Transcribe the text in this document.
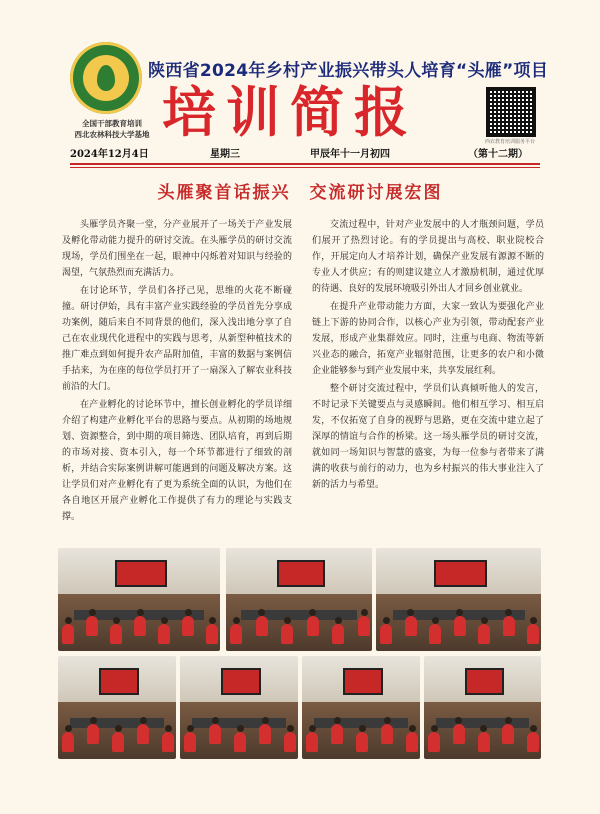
全国干部教育培训
西北农林科技大学基地
陕西省2024年乡村产业振兴带头人培育“头雁”项目
培训简报	西农教育培训服务平台
2024年12月4日	星期三	甲辰年十一月初四	（第十二期）
头雁聚首话振兴　交流研讨展宏图

头雁学员齐聚一堂，分产业展开了一场关于产业发展及孵化带动能力提升的研讨交流。在头雁学员的研讨交流现场，学员们围坐在一起，眼神中闪烁着对知识与经验的渴望，气氛热烈而充满活力。

在讨论环节，学员们各抒己见，思维的火花不断碰撞。研讨伊始，具有丰富产业实践经验的学员首先分享成功案例，随后来自不同背景的他们，深入浅出地分享了自己在农业现代化进程中的实践与思考，从新型种植技术的推广难点到如何提升农产品附加值，丰富的数据与案例信手拈来，为在座的每位学员打开了一扇深入了解农业科技前沿的大门。

在产业孵化的讨论环节中，擅长创业孵化的学员详细介绍了构建产业孵化平台的思路与要点。从初期的场地规划、资源整合，到中期的项目筛选、团队培育，再到后期的市场对接、资本引入，每一个环节都进行了细致的剖析，并结合实际案例讲解可能遇到的问题及解决方案。这让学员们对产业孵化有了更为系统全面的认识，为他们在各自地区开展产业孵化工作提供了有力的理论与实践支撑。

交流过程中，针对产业发展中的人才瓶颈问题，学员们展开了热烈讨论。有的学员提出与高校、职业院校合作，开展定向人才培养计划，确保产业发展有源源不断的专业人才供应；有的则建议建立人才激励机制，通过优厚的待遇、良好的发展环境吸引外出人才回乡创业就业。

在提升产业带动能力方面，大家一致认为要强化产业链上下游的协同合作，以核心产业为引领，带动配套产业发展，形成产业集群效应。同时，注重与电商、物流等新兴业态的融合，拓宽产业辐射范围，让更多的农户和小微企业能够参与到产业发展中来，共享发展红利。

整个研讨交流过程中，学员们认真倾听他人的发言，不时记录下关键要点与灵感瞬间。他们相互学习、相互启发，不仅拓宽了自身的视野与思路，更在交流中建立起了深厚的情谊与合作的桥梁。这一场头雁学员的研讨交流，就如同一场知识与智慧的盛宴，为每一位参与者带来了满满的收获与前行的动力，也为乡村振兴的伟大事业注入了新的活力与希望。
